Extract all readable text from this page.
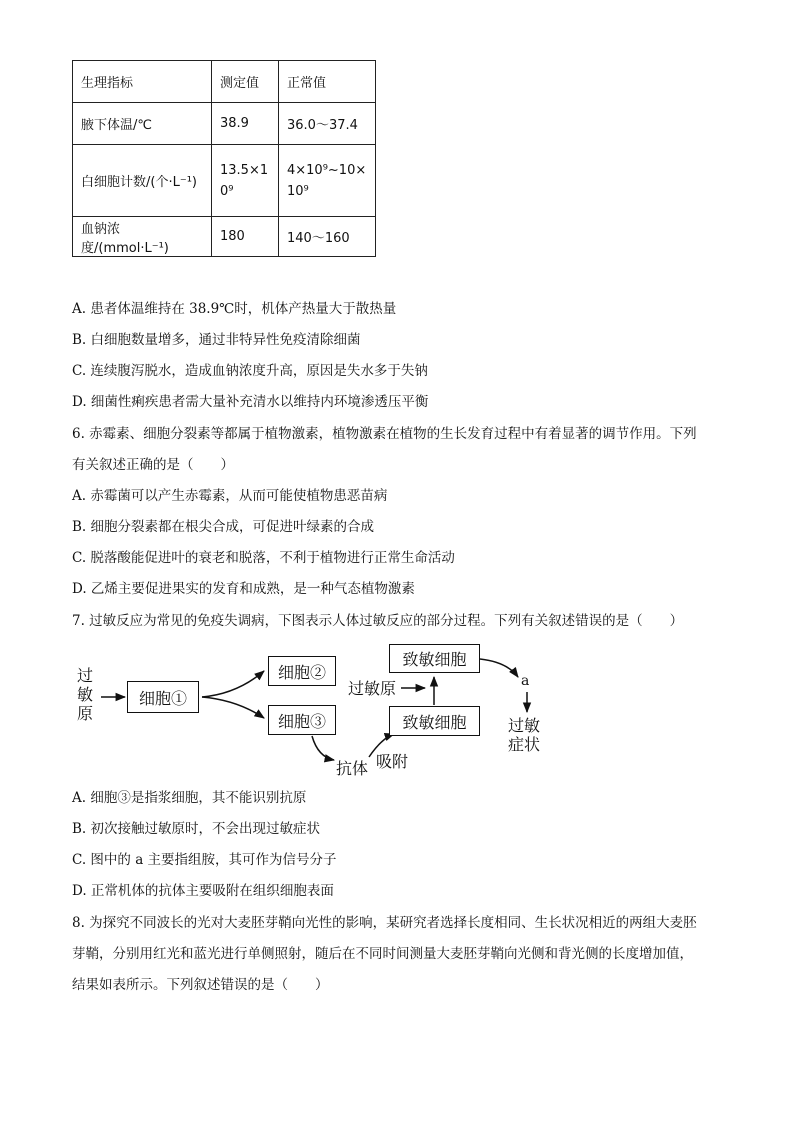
生理指标	测定值	正常值
腋下体温/℃	38.9	36.0～37.4
白细胞计数/(个·L⁻¹)	13.5×10⁹	4×10⁹~10×10⁹

血钠浓度/(mmol·L⁻¹)	180	140～160
A. 患者体温维持在 38.9℃时，机体产热量大于散热量
B. 白细胞数量增多，通过非特异性免疫清除细菌
C. 连续腹泻脱水，造成血钠浓度升高，原因是失水多于失钠
D. 细菌性痢疾患者需大量补充清水以维持内环境渗透压平衡
6. 赤霉素、细胞分裂素等都属于植物激素，植物激素在植物的生长发育过程中有着显著的调节作用。下列
有关叙述正确的是（　　）
A. 赤霉菌可以产生赤霉素，从而可能使植物患恶苗病
B. 细胞分裂素都在根尖合成，可促进叶绿素的合成
C. 脱落酸能促进叶的衰老和脱落，不利于植物进行正常生命活动
D. 乙烯主要促进果实的发育和成熟，是一种气态植物激素
7. 过敏反应为常见的免疫失调病，下图表示人体过敏反应的部分过程。下列有关叙述错误的是（　　）
过敏原
细胞①
细胞②
细胞③
致敏细胞
致敏细胞
过敏原
抗体 吸附
a
过敏症状
A. 细胞③是指浆细胞，其不能识别抗原
B. 初次接触过敏原时，不会出现过敏症状
C. 图中的 a 主要指组胺，其可作为信号分子
D. 正常机体的抗体主要吸附在组织细胞表面
8. 为探究不同波长的光对大麦胚芽鞘向光性的影响，某研究者选择长度相同、生长状况相近的两组大麦胚
芽鞘，分别用红光和蓝光进行单侧照射，随后在不同时间测量大麦胚芽鞘向光侧和背光侧的长度增加值，
结果如表所示。下列叙述错误的是（　　）
